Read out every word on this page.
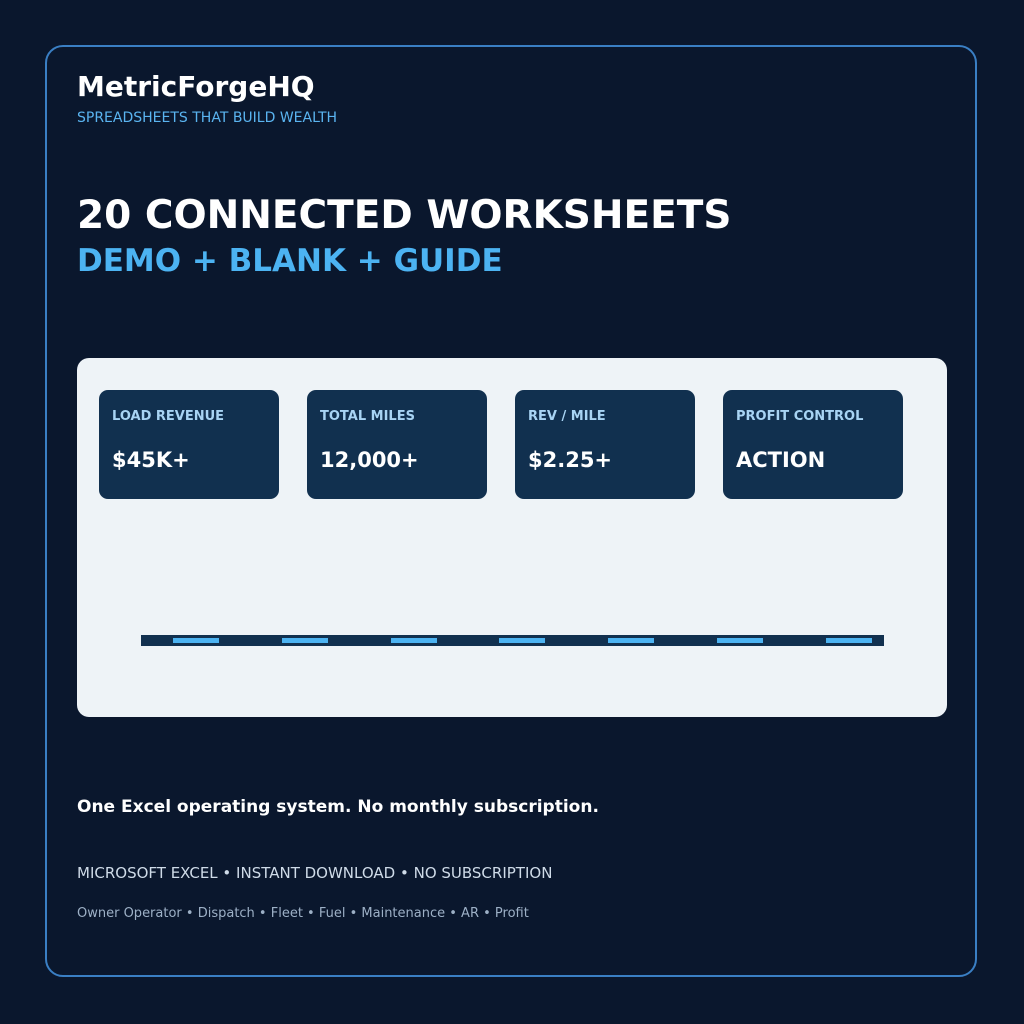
MetricForgeHQ
SPREADSHEETS THAT BUILD WEALTH
20 CONNECTED WORKSHEETS
DEMO + BLANK + GUIDE
LOAD REVENUE
$45K+
TOTAL MILES
12,000+
REV / MILE
$2.25+
PROFIT CONTROL
ACTION
One Excel operating system. No monthly subscription.
MICROSOFT EXCEL • INSTANT DOWNLOAD • NO SUBSCRIPTION
Owner Operator • Dispatch • Fleet • Fuel • Maintenance • AR • Profit
